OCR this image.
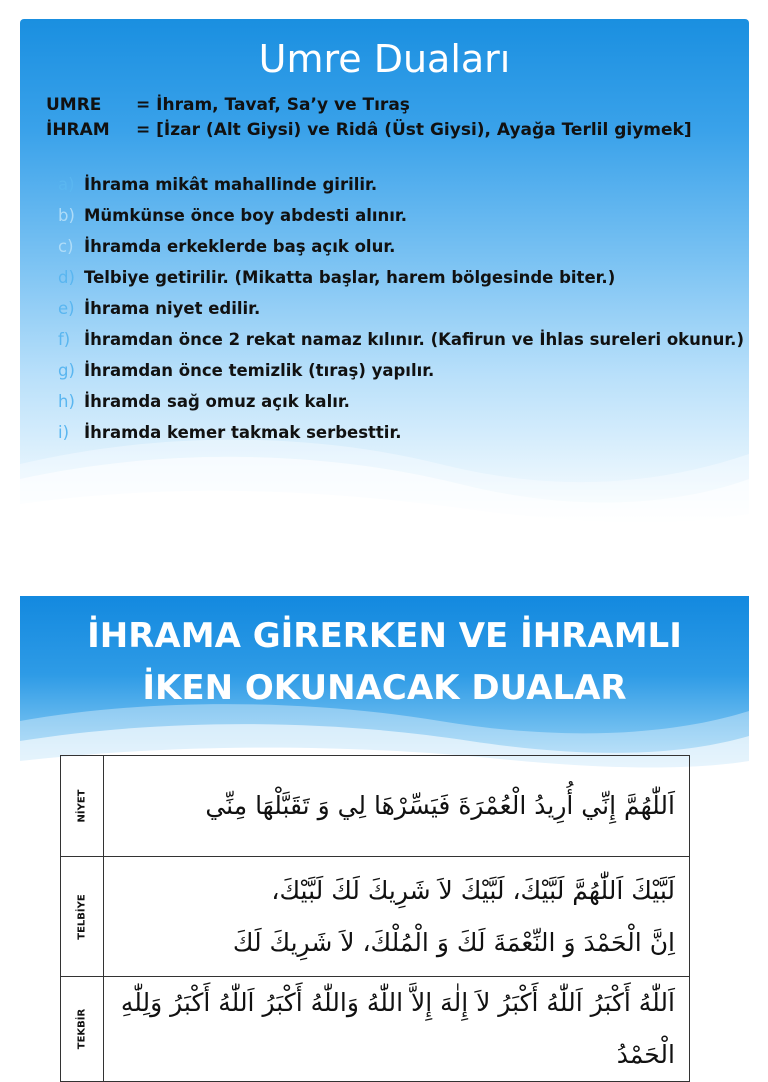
Umre Duaları
UMRE = İhram, Tavaf, Sa’y ve Tıraş
İHRAM = [İzar (Alt Giysi) ve Ridâ (Üst Giysi), Ayağa Terlil giymek]
a) İhrama mikât mahallinde girilir.
b) Mümkünse önce boy abdesti alınır.
c) İhramda erkeklerde baş açık olur.
d) Telbiye getirilir. (Mikatta başlar, harem bölgesinde biter.)
e) İhrama niyet edilir.
f) İhramdan önce 2 rekat namaz kılınır. (Kafirun ve İhlas sureleri okunur.)
g) İhramdan önce temizlik (tıraş) yapılır.
h) İhramda sağ omuz açık kalır.
i) İhramda kemer takmak serbesttir.
İHRAMA GİRERKEN VE İHRAMLI
İKEN OKUNACAK DUALAR
NİYET	اَللّٰهُمَّ إِنِّي أُرِيدُ الْعُمْرَةَ فَيَسِّرْهَا لِي وَ تَقَبَّلْهَا مِنِّي

TELBİYE	لَبَّيْكَ اَللّٰهُمَّ لَبَّيْكَ، لَبَّيْكَ لاَ شَرِيكَ لَكَ لَبَّيْكَ،
اِنَّ الْحَمْدَ وَ النِّعْمَةَ لَكَ وَ الْمُلْكَ، لاَ شَرِيكَ لَكَ

TEKBİR	اَللّٰهُ أَكْبَرُ اَللّٰهُ أَكْبَرُ لاَ إِلٰهَ إِلاَّ اللّٰهُ وَاللّٰهُ أَكْبَرُ اَللّٰهُ أَكْبَرُ وَلِلّٰهِ الْحَمْدُ
